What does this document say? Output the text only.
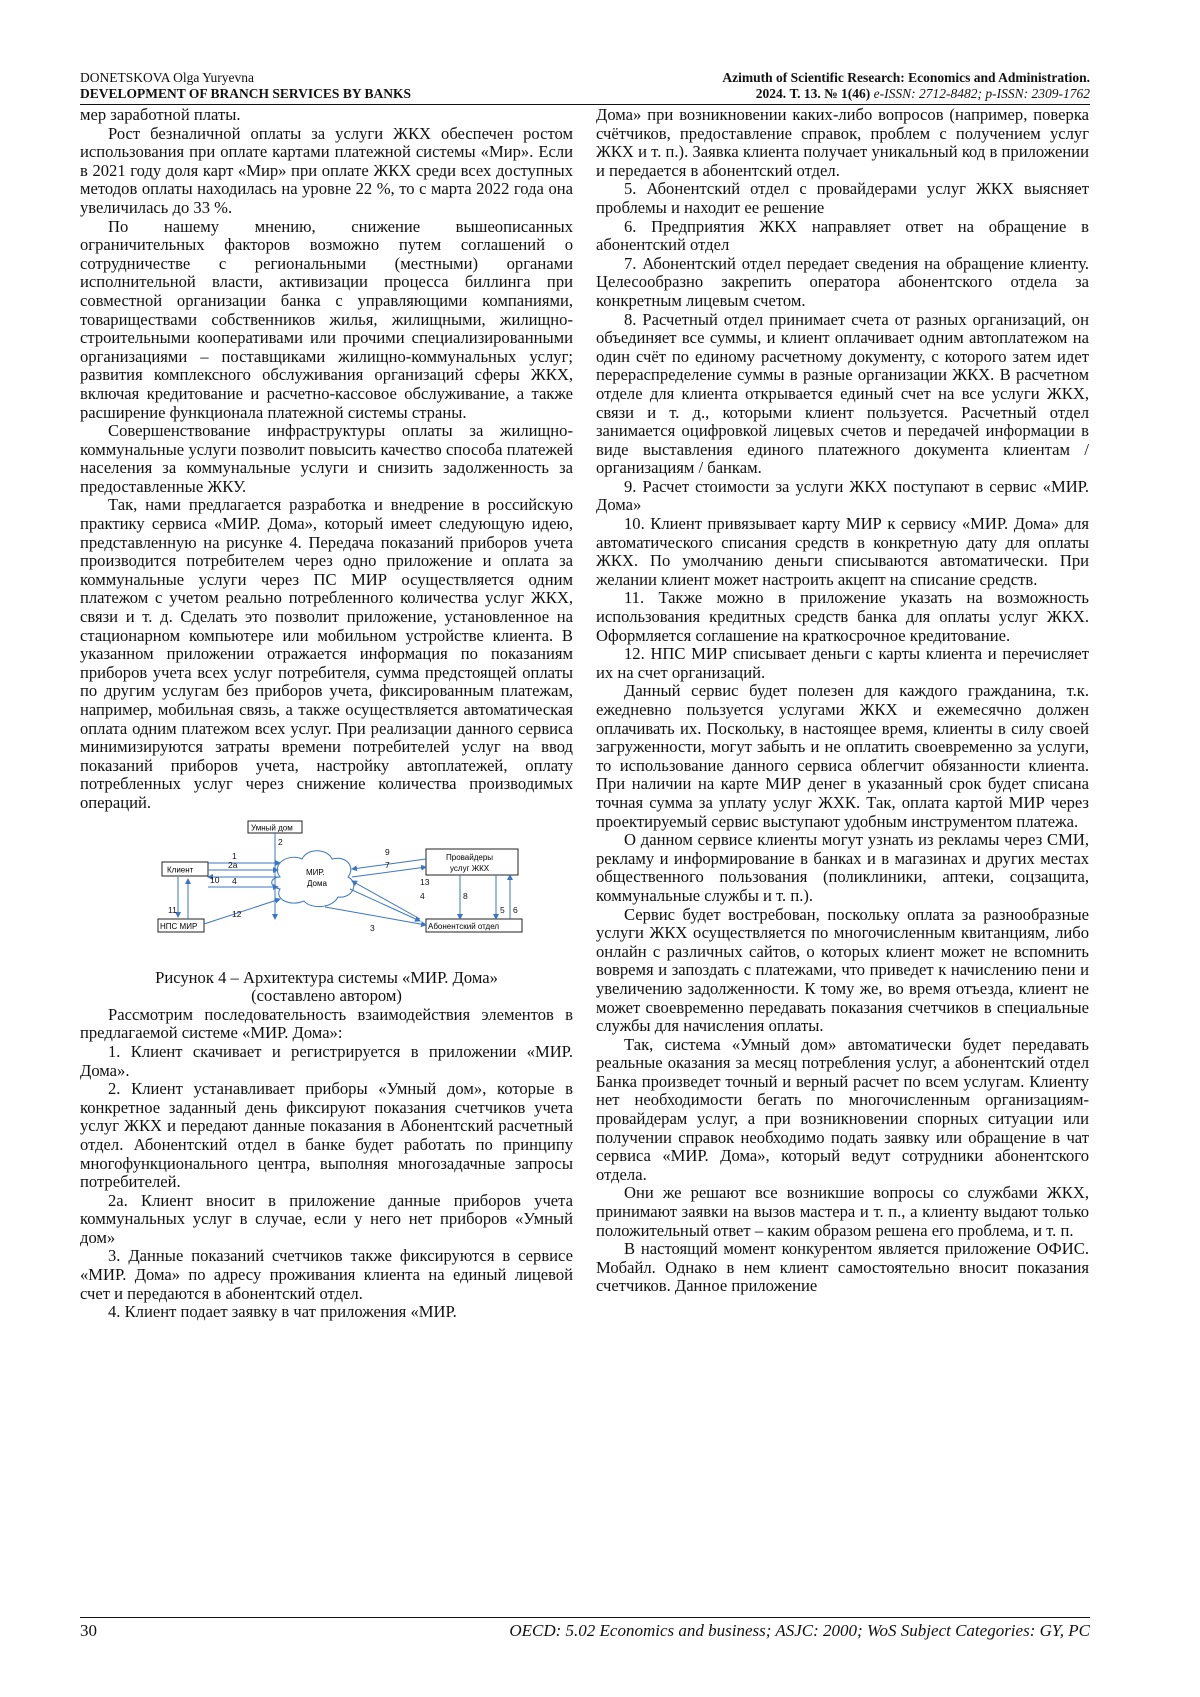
DONETSKOVA Olga Yuryevna
DEVELOPMENT OF BRANCH SERVICES BY BANKS
Azimuth of Scientific Research: Economics and Administration.
2024. Т. 13. № 1(46) e-ISSN: 2712-8482; p-ISSN: 2309-1762

мер заработной платы.

Рост безналичной оплаты за услуги ЖКХ обеспечен ростом использования при оплате картами платежной системы «Мир». Если в 2021 году доля карт «Мир» при оплате ЖКХ среди всех доступных методов оплаты находилась на уровне 22 %, то с марта 2022 года она увеличилась до 33 %.

По нашему мнению, снижение вышеописанных ограничительных факторов возможно путем соглашений о сотрудничестве с региональными (местными) органами исполнительной власти, активизации процесса биллинга при совместной организации банка с управляющими компаниями, товариществами собственников жилья, жилищными, жилищно-строительными кооперативами или прочими специализированными организациями – поставщиками жилищно-коммунальных услуг; развития комплексного обслуживания организаций сферы ЖКХ, включая кредитование и расчетно-кассовое обслуживание, а также расширение функционала платежной системы страны.

Совершенствование инфраструктуры оплаты за жилищно-коммунальные услуги позволит повысить качество способа платежей населения за коммунальные услуги и снизить задолженность за предоставленные ЖКУ.

Так, нами предлагается разработка и внедрение в российскую практику сервиса «МИР. Дома», который имеет следующую идею, представленную на рисунке 4. Передача показаний приборов учета производится потребителем через одно приложение и оплата за коммунальные услуги через ПС МИР осуществляется одним платежом с учетом реально потребленного количества услуг ЖКХ, связи и т. д. Сделать это позволит приложение, установленное на стационарном компьютере или мобильном устройстве клиента. В указанном приложении отражается информация по показаниям приборов учета всех услуг потребителя, сумма предстоящей оплаты по другим услугам без приборов учета, фиксированным платежам, например, мобильная связь, а также осуществляется автоматическая оплата одним платежом всех услуг. При реализации данного сервиса минимизируются затраты времени потребителей услуг на ввод показаний приборов учета, настройку автоплатежей, оплату потребленных услуг через снижение количества производимых операций.

Умный дом
Клиент
Провайдеры
услуг ЖКХ
НПС МИР	Абонентский отдел
МИР.
Дома
2
1
2a
10 4
11	12
3
9
7
13
4	8
5 6

Рисунок 4 – Архитектура системы «МИР. Дома»
(составлено автором)

Рассмотрим последовательность взаимодействия элементов в предлагаемой системе «МИР. Дома»:

1. Клиент скачивает и регистрируется в приложении «МИР. Дома».

2. Клиент устанавливает приборы «Умный дом», которые в конкретное заданный день фиксируют показания счетчиков учета услуг ЖКХ и передают данные показания в Абонентский расчетный отдел. Абонентский отдел в банке будет работать по принципу многофункционального центра, выполняя многозадачные запросы потребителей.

2а. Клиент вносит в приложение данные приборов учета коммунальных услуг в случае, если у него нет приборов «Умный дом»

3. Данные показаний счетчиков также фиксируются в сервисе «МИР. Дома» по адресу проживания клиента на единый лицевой счет и передаются в абонентский отдел.

4. Клиент подает заявку в чат приложения «МИР.

Дома» при возникновении каких-либо вопросов (например, поверка счётчиков, предоставление справок, проблем с получением услуг ЖКХ и т. п.). Заявка клиента получает уникальный код в приложении и передается в абонентский отдел.

5. Абонентский отдел с провайдерами услуг ЖКХ выясняет проблемы и находит ее решение

6. Предприятия ЖКХ направляет ответ на обращение в абонентский отдел

7. Абонентский отдел передает сведения на обращение клиенту. Целесообразно закрепить оператора абонентского отдела за конкретным лицевым счетом.

8. Расчетный отдел принимает счета от разных организаций, он объединяет все суммы, и клиент оплачивает одним автоплатежом на один счёт по единому расчетному документу, с которого затем идет перераспределение суммы в разные организации ЖКХ. В расчетном отделе для клиента открывается единый счет на все услуги ЖКХ, связи и т. д., которыми клиент пользуется. Расчетный отдел занимается оцифровкой лицевых счетов и передачей информации в виде выставления единого платежного документа клиентам / организациям / банкам.

9. Расчет стоимости за услуги ЖКХ поступают в сервис «МИР. Дома»

10. Клиент привязывает карту МИР к сервису «МИР. Дома» для автоматического списания средств в конкретную дату для оплаты ЖКХ. По умолчанию деньги списываются автоматически. При желании клиент может настроить акцепт на списание средств.

11. Также можно в приложение указать на возможность использования кредитных средств банка для оплаты услуг ЖКХ. Оформляется соглашение на краткосрочное кредитование.

12. НПС МИР списывает деньги с карты клиента и перечисляет их на счет организаций.

Данный сервис будет полезен для каждого гражданина, т.к. ежедневно пользуется услугами ЖКХ и ежемесячно должен оплачивать их. Поскольку, в настоящее время, клиенты в силу своей загруженности, могут забыть и не оплатить своевременно за услуги, то использование данного сервиса облегчит обязанности клиента. При наличии на карте МИР денег в указанный срок будет списана точная сумма за уплату услуг ЖХК. Так, оплата картой МИР через проектируемый сервис выступают удобным инструментом платежа.

О данном сервисе клиенты могут узнать из рекламы через СМИ, рекламу и информирование в банках и в магазинах и других местах общественного пользования (поликлиники, аптеки, соцзащита, коммунальные службы и т. п.).

Сервис будет востребован, поскольку оплата за разнообразные услуги ЖКХ осуществляется по многочисленным квитанциям, либо онлайн с различных сайтов, о которых клиент может не вспомнить вовремя и запоздать с платежами, что приведет к начислению пени и увеличению задолженности. К тому же, во время отъезда, клиент не может своевременно передавать показания счетчиков в специальные службы для начисления оплаты.

Так, система «Умный дом» автоматически будет передавать реальные оказания за месяц потребления услуг, а абонентский отдел Банка произведет точный и верный расчет по всем услугам. Клиенту нет необходимости бегать по многочисленным организациям-провайдерам услуг, а при возникновении спорных ситуации или получении справок необходимо подать заявку или обращение в чат сервиса «МИР. Дома», который ведут сотрудники абонентского отдела.

Они же решают все возникшие вопросы со службами ЖКХ, принимают заявки на вызов мастера и т. п., а клиенту выдают только положительный ответ – каким образом решена его проблема, и т. п.

В настоящий момент конкурентом является приложение ОФИС. Мобайл. Однако в нем клиент самостоятельно вносит показания счетчиков. Данное приложение

30	OECD: 5.02 Economics and business; ASJC: 2000; WoS Subject Categories: GY, PC
